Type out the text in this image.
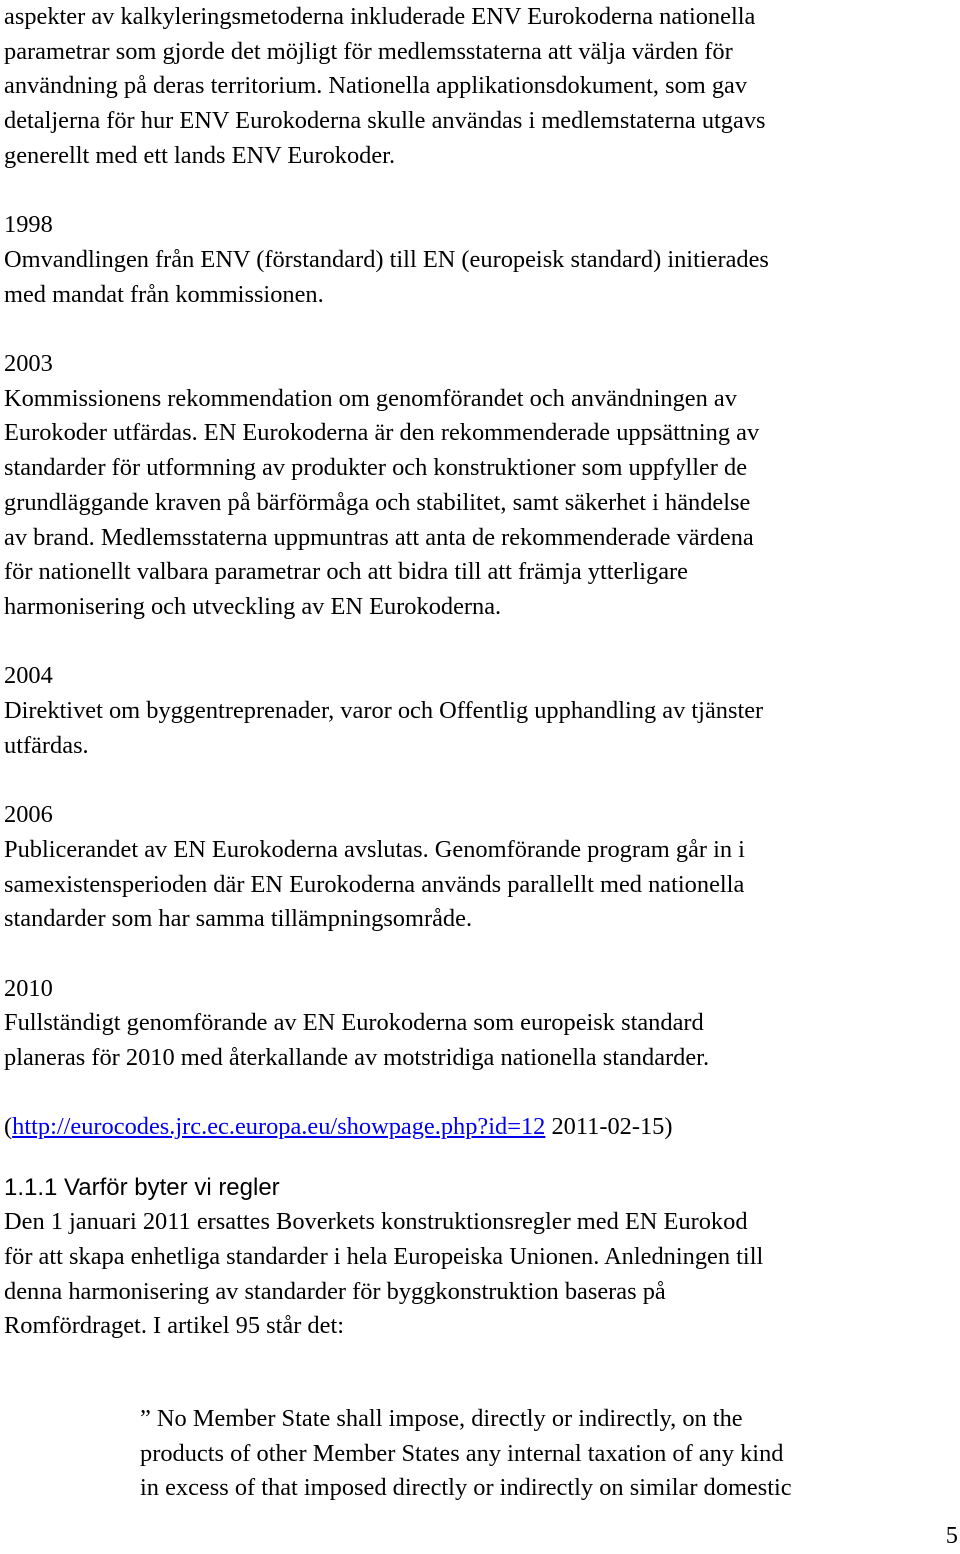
aspekter av kalkyleringsmetoderna inkluderade ENV Eurokoderna nationella
parametrar som gjorde det möjligt för medlemsstaterna att välja värden för
användning på deras territorium. Nationella applikationsdokument, som gav
detaljerna för hur ENV Eurokoderna skulle användas i medlemstaterna utgavs
generellt med ett lands ENV Eurokoder.

1998
Omvandlingen från ENV (förstandard) till EN (europeisk standard) initierades
med mandat från kommissionen.

2003
Kommissionens rekommendation om genomförandet och användningen av
Eurokoder utfärdas. EN Eurokoderna är den rekommenderade uppsättning av
standarder för utformning av produkter och konstruktioner som uppfyller de
grundläggande kraven på bärförmåga och stabilitet, samt säkerhet i händelse
av brand. Medlemsstaterna uppmuntras att anta de rekommenderade värdena
för nationellt valbara parametrar och att bidra till att främja ytterligare
harmonisering och utveckling av EN Eurokoderna.

2004
Direktivet om byggentreprenader, varor och Offentlig upphandling av tjänster
utfärdas.

2006
Publicerandet av EN Eurokoderna avslutas. Genomförande program går in i
samexistensperioden där EN Eurokoderna används parallellt med nationella
standarder som har samma tillämpningsområde.

2010
Fullständigt genomförande av EN Eurokoderna som europeisk standard
planeras för 2010 med återkallande av motstridiga nationella standarder.

(http://eurocodes.jrc.ec.europa.eu/showpage.php?id=12 2011-02-15)

1.1.1 Varför byter vi regler

Den 1 januari 2011 ersattes Boverkets konstruktionsregler med EN Eurokod
för att skapa enhetliga standarder i hela Europeiska Unionen. Anledningen till
denna harmonisering av standarder för byggkonstruktion baseras på
Romfördraget. I artikel 95 står det:

” No Member State shall impose, directly or indirectly, on the
products of other Member States any internal taxation of any kind
in excess of that imposed directly or indirectly on similar domestic
5
